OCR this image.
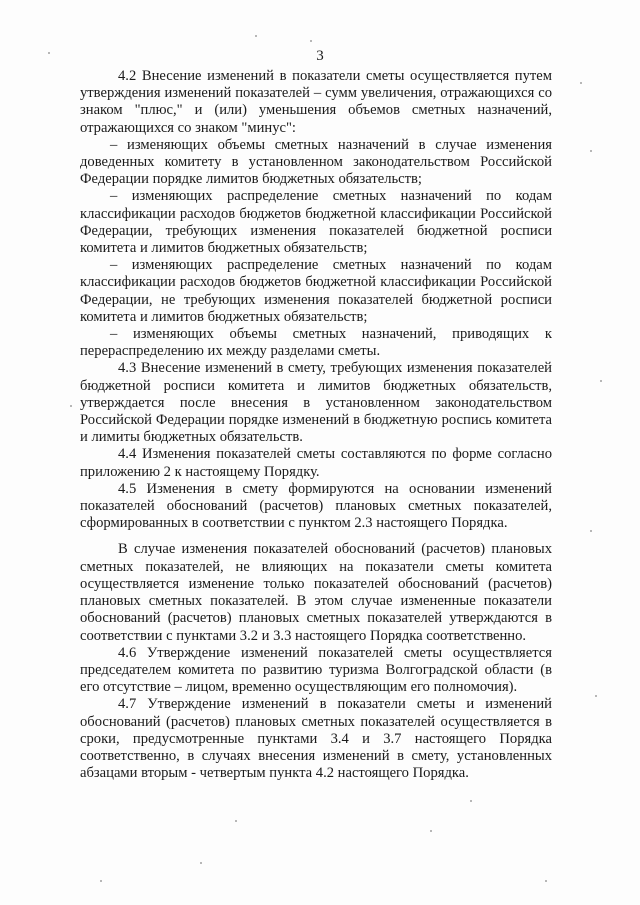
3

4.2 Внесение изменений в показатели сметы осуществляется путем утверждения изменений показателей – сумм увеличения, отражающихся со знаком "плюс," и (или) уменьшения объемов сметных назначений, отражающихся со знаком "минус":

– изменяющих объемы сметных назначений в случае изменения доведенных комитету в установленном законодательством Российской Федерации порядке лимитов бюджетных обязательств;

– изменяющих распределение сметных назначений по кодам классификации расходов бюджетов бюджетной классификации Российской Федерации, требующих изменения показателей бюджетной росписи комитета и лимитов бюджетных обязательств;

– изменяющих распределение сметных назначений по кодам классификации расходов бюджетов бюджетной классификации Российской Федерации, не требующих изменения показателей бюджетной росписи комитета и лимитов бюджетных обязательств;

– изменяющих объемы сметных назначений, приводящих к перераспределению их между разделами сметы.

4.3 Внесение изменений в смету, требующих изменения показателей бюджетной росписи комитета и лимитов бюджетных обязательств, утверждается после внесения в установленном законодательством Российской Федерации порядке изменений в бюджетную роспись комитета и лимиты бюджетных обязательств.

4.4 Изменения показателей сметы составляются по форме согласно приложению 2 к настоящему Порядку.

4.5 Изменения в смету формируются на основании изменений показателей обоснований (расчетов) плановых сметных показателей, сформированных в соответствии с пунктом 2.3 настоящего Порядка.

В случае изменения показателей обоснований (расчетов) плановых сметных показателей, не влияющих на показатели сметы комитета осуществляется изменение только показателей обоснований (расчетов) плановых сметных показателей. В этом случае измененные показатели обоснований (расчетов) плановых сметных показателей утверждаются в соответствии с пунктами 3.2 и 3.3 настоящего Порядка соответственно.

4.6 Утверждение изменений показателей сметы осуществляется председателем комитета по развитию туризма Волгоградской области (в его отсутствие – лицом, временно осуществляющим его полномочия).

4.7 Утверждение изменений в показатели сметы и изменений обоснований (расчетов) плановых сметных показателей осуществляется в сроки, предусмотренные пунктами 3.4 и 3.7 настоящего Порядка соответственно, в случаях внесения изменений в смету, установленных абзацами вторым - четвертым пункта 4.2 настоящего Порядка.
